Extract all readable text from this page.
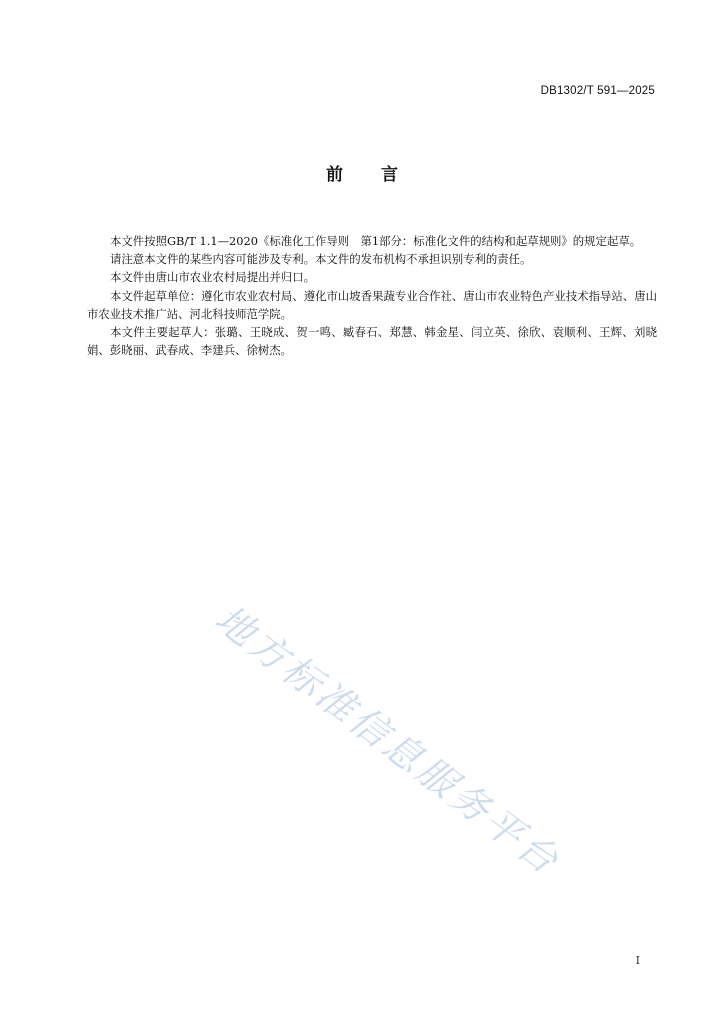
DB1302/T 591—2025
前 言

本文件按照GB/T 1.1—2020《标准化工作导则　第1部分：标准化文件的结构和起草规则》的规定起草。

请注意本文件的某些内容可能涉及专利。本文件的发布机构不承担识别专利的责任。

本文件由唐山市农业农村局提出并归口。

本文件起草单位：遵化市农业农村局、遵化市山坡香果蔬专业合作社、唐山市农业特色产业技术指导站、唐山市农业技术推广站、河北科技师范学院。

本文件主要起草人：张璐、王晓成、贺一鸣、臧春石、郑慧、韩金星、闫立英、徐欣、袁顺利、王辉、刘晓娟、彭晓丽、武春成、李建兵、徐树杰。

地方标准信息服务平台
I
